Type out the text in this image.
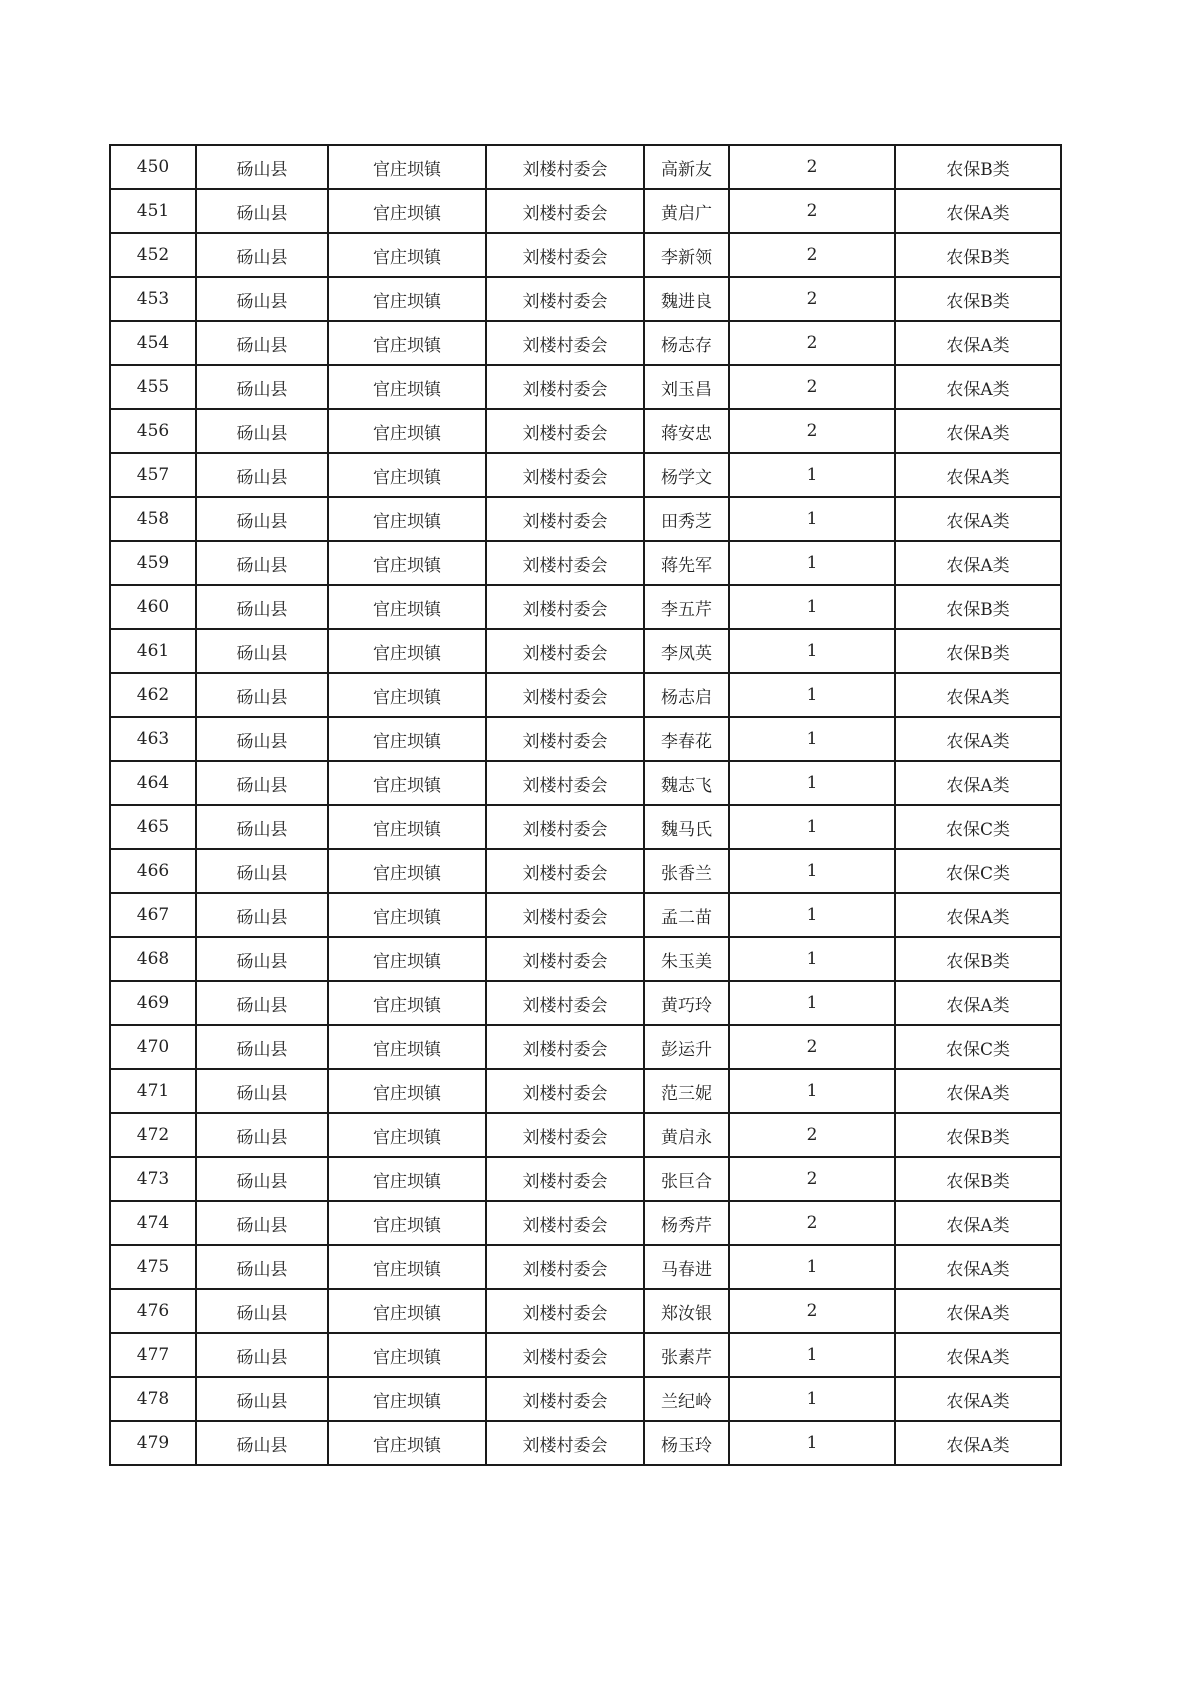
450	砀山县	官庄坝镇	刘楼村委会	高新友	2	农保B类
451	砀山县	官庄坝镇	刘楼村委会	黄启广	2	农保A类
452	砀山县	官庄坝镇	刘楼村委会	李新领	2	农保B类
453	砀山县	官庄坝镇	刘楼村委会	魏进良	2	农保B类
454	砀山县	官庄坝镇	刘楼村委会	杨志存	2	农保A类
455	砀山县	官庄坝镇	刘楼村委会	刘玉昌	2	农保A类
456	砀山县	官庄坝镇	刘楼村委会	蒋安忠	2	农保A类
457	砀山县	官庄坝镇	刘楼村委会	杨学文	1	农保A类
458	砀山县	官庄坝镇	刘楼村委会	田秀芝	1	农保A类
459	砀山县	官庄坝镇	刘楼村委会	蒋先军	1	农保A类
460	砀山县	官庄坝镇	刘楼村委会	李五芹	1	农保B类
461	砀山县	官庄坝镇	刘楼村委会	李凤英	1	农保B类
462	砀山县	官庄坝镇	刘楼村委会	杨志启	1	农保A类
463	砀山县	官庄坝镇	刘楼村委会	李春花	1	农保A类
464	砀山县	官庄坝镇	刘楼村委会	魏志飞	1	农保A类
465	砀山县	官庄坝镇	刘楼村委会	魏马氏	1	农保C类
466	砀山县	官庄坝镇	刘楼村委会	张香兰	1	农保C类
467	砀山县	官庄坝镇	刘楼村委会	孟二苗	1	农保A类
468	砀山县	官庄坝镇	刘楼村委会	朱玉美	1	农保B类
469	砀山县	官庄坝镇	刘楼村委会	黄巧玲	1	农保A类
470	砀山县	官庄坝镇	刘楼村委会	彭运升	2	农保C类
471	砀山县	官庄坝镇	刘楼村委会	范三妮	1	农保A类
472	砀山县	官庄坝镇	刘楼村委会	黄启永	2	农保B类
473	砀山县	官庄坝镇	刘楼村委会	张巨合	2	农保B类
474	砀山县	官庄坝镇	刘楼村委会	杨秀芹	2	农保A类
475	砀山县	官庄坝镇	刘楼村委会	马春进	1	农保A类
476	砀山县	官庄坝镇	刘楼村委会	郑汝银	2	农保A类
477	砀山县	官庄坝镇	刘楼村委会	张素芹	1	农保A类
478	砀山县	官庄坝镇	刘楼村委会	兰纪岭	1	农保A类
479	砀山县	官庄坝镇	刘楼村委会	杨玉玲	1	农保A类
